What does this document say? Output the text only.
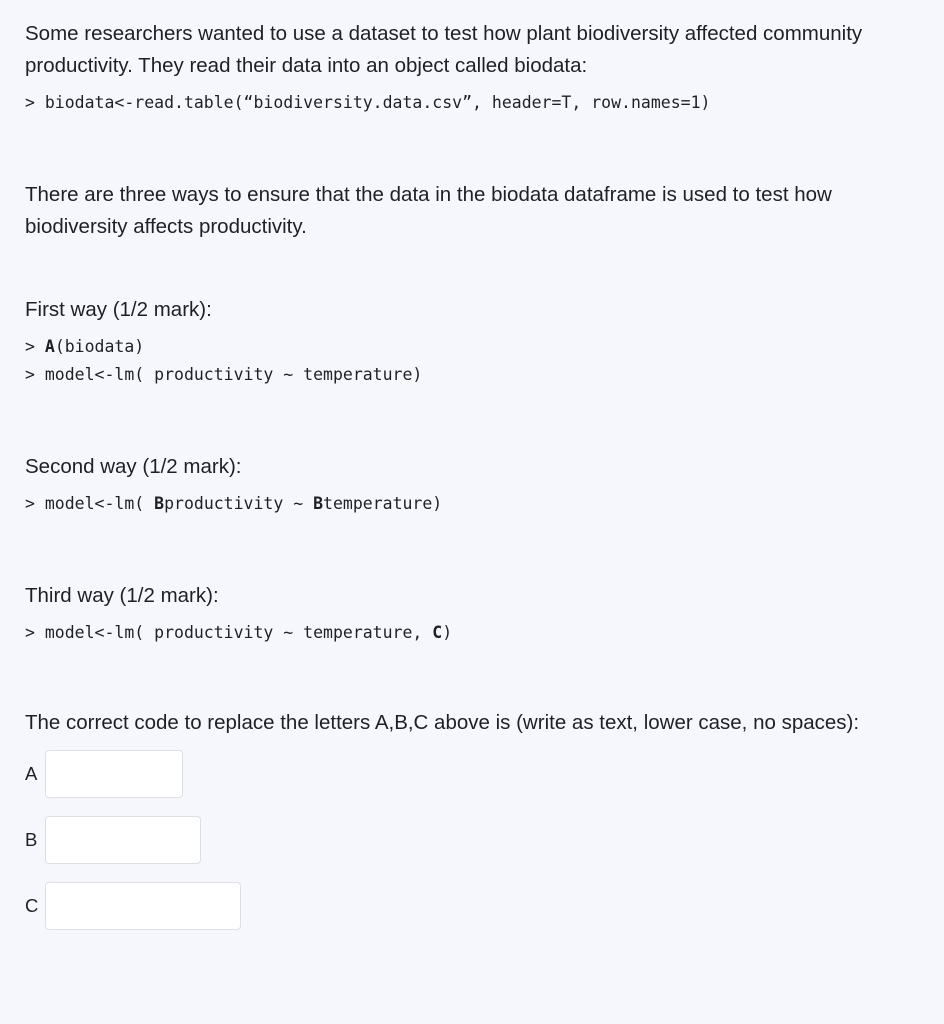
Some researchers wanted to use a dataset to test how plant biodiversity affected community productivity. They read their data into an object called biodata:

> biodata<-read.table(“biodiversity.data.csv”, header=T, row.names=1)

There are three ways to ensure that the data in the biodata dataframe is used to test how biodiversity affects productivity.

First way (1/2 mark):

> A(biodata)

> model<-lm( productivity ~ temperature)

Second way (1/2 mark):

> model<-lm( Bproductivity ~ Btemperature)

Third way (1/2 mark):

> model<-lm( productivity ~ temperature, C)

The correct code to replace the letters A,B,C above is (write as text, lower case, no spaces):

A
B
C
